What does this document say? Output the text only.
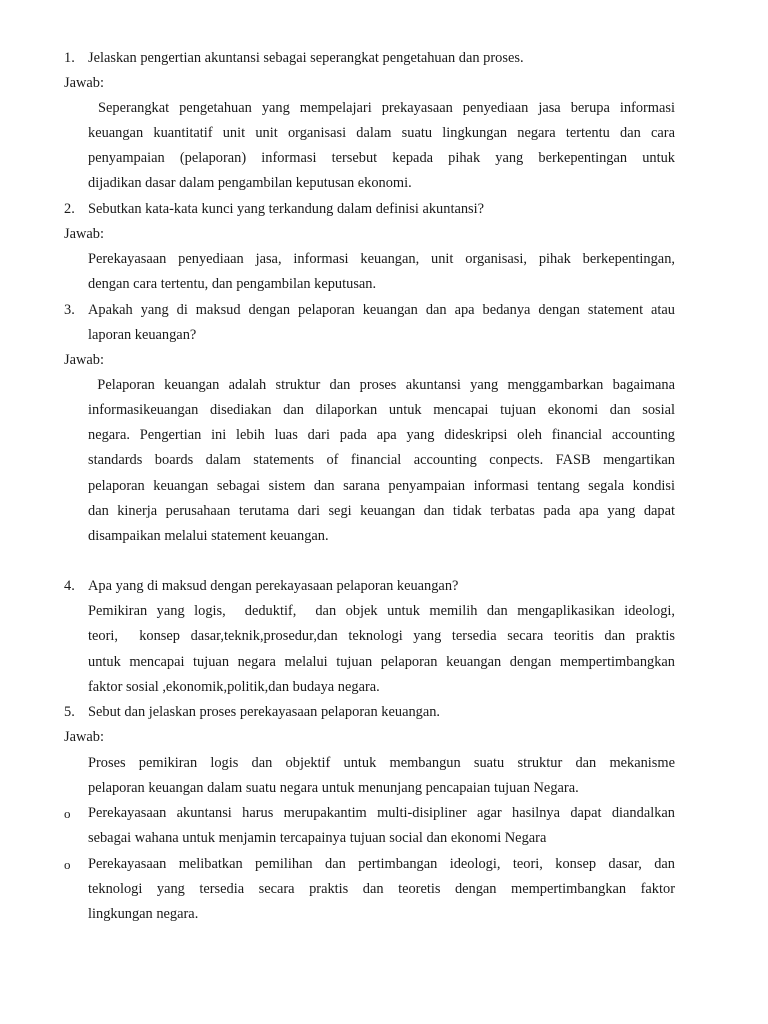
1. Jelaskan pengertian akuntansi sebagai seperangkat pengetahuan dan proses.
Jawab:
Seperangkat pengetahuan yang mempelajari prekayasaan penyediaan jasa berupa informasi
keuangan kuantitatif unit unit organisasi dalam suatu lingkungan negara tertentu dan cara
penyampaian (pelaporan) informasi tersebut kepada pihak yang berkepentingan untuk
dijadikan dasar dalam pengambilan keputusan ekonomi.
2. Sebutkan kata-kata kunci yang terkandung dalam definisi akuntansi?
Jawab:
Perekayasaan penyediaan jasa, informasi keuangan, unit organisasi, pihak berkepentingan,
dengan cara tertentu, dan pengambilan keputusan.
3. Apakah yang di maksud dengan pelaporan keuangan dan apa bedanya dengan statement atau
laporan keuangan?
Jawab:
Pelaporan keuangan adalah struktur dan proses akuntansi yang menggambarkan bagaimana
informasikeuangan disediakan dan dilaporkan untuk mencapai tujuan ekonomi dan sosial
negara. Pengertian ini lebih luas dari pada apa yang dideskripsi oleh financial accounting
standards boards dalam statements of financial accounting conpects. FASB mengartikan
pelaporan keuangan sebagai sistem dan sarana penyampaian informasi tentang segala kondisi
dan kinerja perusahaan terutama dari segi keuangan dan tidak terbatas pada apa yang dapat
disampaikan melalui statement keuangan.
4. Apa yang di maksud dengan perekayasaan pelaporan keuangan?
Pemikiran yang logis,  deduktif,  dan objek untuk memilih dan mengaplikasikan ideologi,
teori,  konsep dasar,teknik,prosedur,dan teknologi yang tersedia secara teoritis dan praktis
untuk mencapai tujuan negara melalui tujuan pelaporan keuangan dengan mempertimbangkan
faktor sosial ,ekonomik,politik,dan budaya negara.
5. Sebut dan jelaskan proses perekayasaan pelaporan keuangan.
Jawab:
Proses pemikiran logis dan objektif untuk membangun suatu struktur dan mekanisme
pelaporan keuangan dalam suatu negara untuk menunjang pencapaian tujuan Negara.
o Perekayasaan akuntansi harus merupakantim multi-disipliner agar hasilnya dapat diandalkan
sebagai wahana untuk menjamin tercapainya tujuan social dan ekonomi Negara
o Perekayasaan melibatkan pemilihan dan pertimbangan ideologi, teori, konsep dasar, dan
teknologi yang tersedia secara praktis dan teoretis dengan mempertimbangkan faktor
lingkungan negara.
